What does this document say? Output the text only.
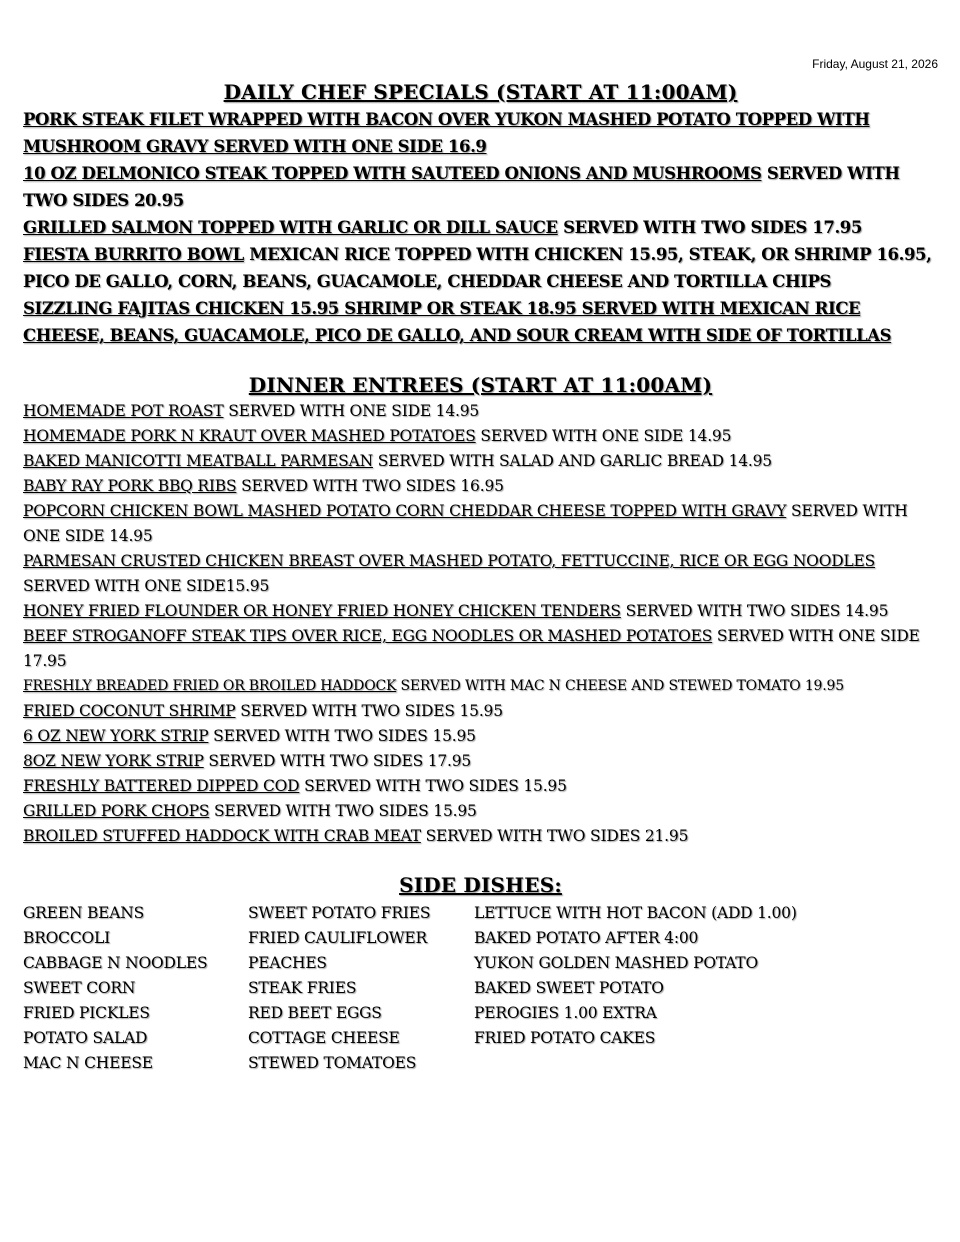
Friday, August 21, 2026
DAILY CHEF SPECIALS (START AT 11:00AM)
PORK STEAK FILET WRAPPED WITH BACON OVER YUKON MASHED POTATO TOPPED WITH MUSHROOM GRAVY SERVED WITH ONE SIDE 16.9
10 OZ DELMONICO STEAK TOPPED WITH SAUTEED ONIONS AND MUSHROOMS SERVED WITH TWO SIDES 20.95
GRILLED SALMON TOPPED WITH GARLIC OR DILL SAUCE SERVED WITH TWO SIDES 17.95
FIESTA BURRITO BOWL MEXICAN RICE TOPPED WITH CHICKEN 15.95, STEAK, OR SHRIMP 16.95, PICO DE GALLO, CORN, BEANS, GUACAMOLE, CHEDDAR CHEESE AND TORTILLA CHIPS
SIZZLING FAJITAS CHICKEN 15.95 SHRIMP OR STEAK 18.95 SERVED WITH MEXICAN RICE CHEESE, BEANS, GUACAMOLE, PICO DE GALLO, AND SOUR CREAM WITH SIDE OF TORTILLAS
DINNER ENTREES (START AT 11:00AM)
HOMEMADE POT ROAST SERVED WITH ONE SIDE 14.95
HOMEMADE PORK N KRAUT OVER MASHED POTATOES SERVED WITH ONE SIDE 14.95
BAKED MANICOTTI MEATBALL PARMESAN SERVED WITH SALAD AND GARLIC BREAD 14.95
BABY RAY PORK BBQ RIBS SERVED WITH TWO SIDES 16.95
POPCORN CHICKEN BOWL MASHED POTATO CORN CHEDDAR CHEESE TOPPED WITH GRAVY SERVED WITH ONE SIDE 14.95
PARMESAN CRUSTED CHICKEN BREAST OVER MASHED POTATO, FETTUCCINE, RICE OR EGG NOODLES SERVED WITH ONE SIDE15.95
HONEY FRIED FLOUNDER OR HONEY FRIED HONEY CHICKEN TENDERS SERVED WITH TWO SIDES 14.95
BEEF STROGANOFF STEAK TIPS OVER RICE, EGG NOODLES OR MASHED POTATOES SERVED WITH ONE SIDE 17.95
FRESHLY BREADED FRIED OR BROILED HADDOCK SERVED WITH MAC N CHEESE AND STEWED TOMATO 19.95
FRIED COCONUT SHRIMP SERVED WITH TWO SIDES 15.95
6 OZ NEW YORK STRIP SERVED WITH TWO SIDES 15.95
8OZ NEW YORK STRIP SERVED WITH TWO SIDES 17.95
FRESHLY BATTERED DIPPED COD SERVED WITH TWO SIDES 15.95
GRILLED PORK CHOPS SERVED WITH TWO SIDES 15.95
BROILED STUFFED HADDOCK WITH CRAB MEAT SERVED WITH TWO SIDES 21.95
SIDE DISHES:
GREEN BEANS	SWEET POTATO FRIES	LETTUCE WITH HOT BACON (ADD 1.00)
BROCCOLI	FRIED CAULIFLOWER	BAKED POTATO AFTER 4:00
CABBAGE N NOODLES	PEACHES	YUKON GOLDEN MASHED POTATO
SWEET CORN	STEAK FRIES	BAKED SWEET POTATO
FRIED PICKLES	RED BEET EGGS	PEROGIES 1.00 EXTRA
POTATO SALAD	COTTAGE CHEESE	FRIED POTATO CAKES
MAC N CHEESE	STEWED TOMATOES
